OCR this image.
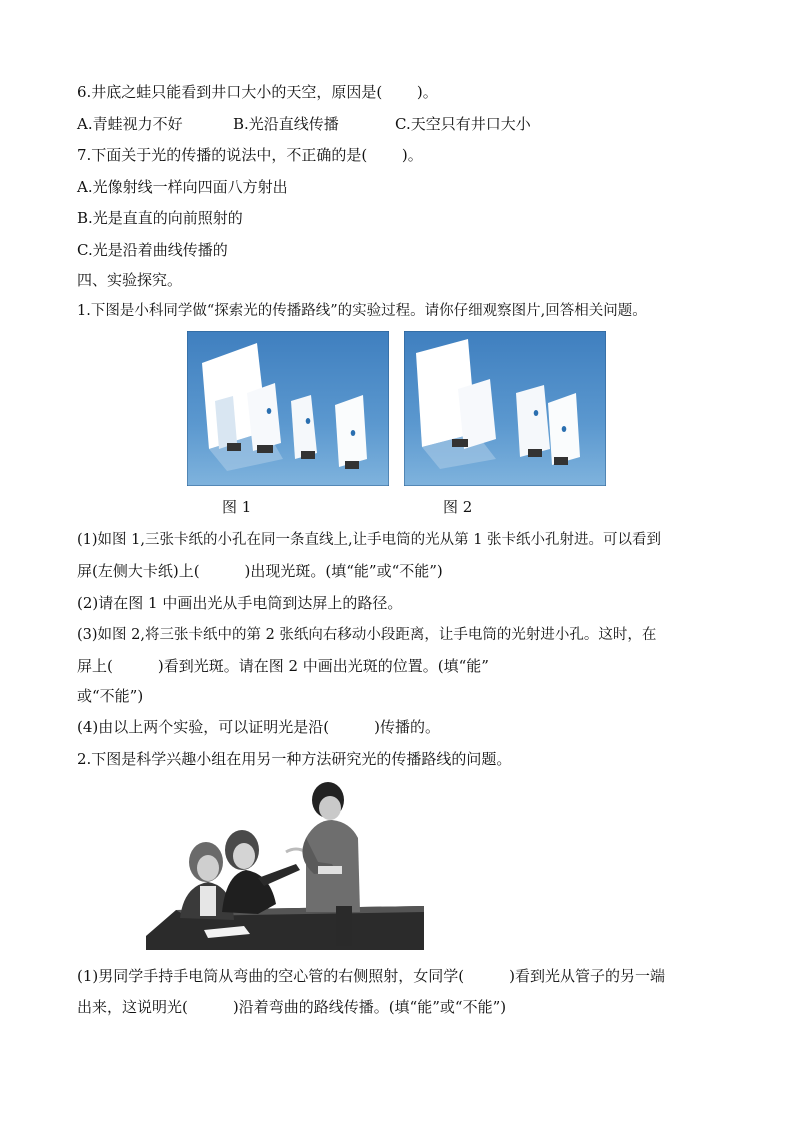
6.井底之蛙只能看到井口大小的天空，原因是(　　 )。
A.青蛙视力不好	B.光沿直线传播	C.天空只有井口大小
7.下面关于光的传播的说法中，不正确的是(　　 )。
A.光像射线一样向四面八方射出
B.光是直直的向前照射的
C.光是沿着曲线传播的
四、实验探究。
1.下图是小科同学做“探索光的传播路线”的实验过程。请你仔细观察图片,回答相关问题。
图 1	图 2
(1)如图 1,三张卡纸的小孔在同一条直线上,让手电筒的光从第 1 张卡纸小孔射进。可以看到
屏(左侧大卡纸)上(　　　)出现光斑。(填“能”或“不能”)
(2)请在图 1 中画出光从手电筒到达屏上的路径。
(3)如图 2,将三张卡纸中的第 2 张纸向右移动小段距离，让手电筒的光射进小孔。这时，在
屏上(　　　)看到光斑。请在图 2 中画出光斑的位置。(填“能”
或“不能”)
(4)由以上两个实验，可以证明光是沿(　　　)传播的。
2.下图是科学兴趣小组在用另一种方法研究光的传播路线的问题。
(1)男同学手持手电筒从弯曲的空心管的右侧照射，女同学(　　　)看到光从管子的另一端
出来，这说明光(　　　)沿着弯曲的路线传播。(填“能”或“不能”)
